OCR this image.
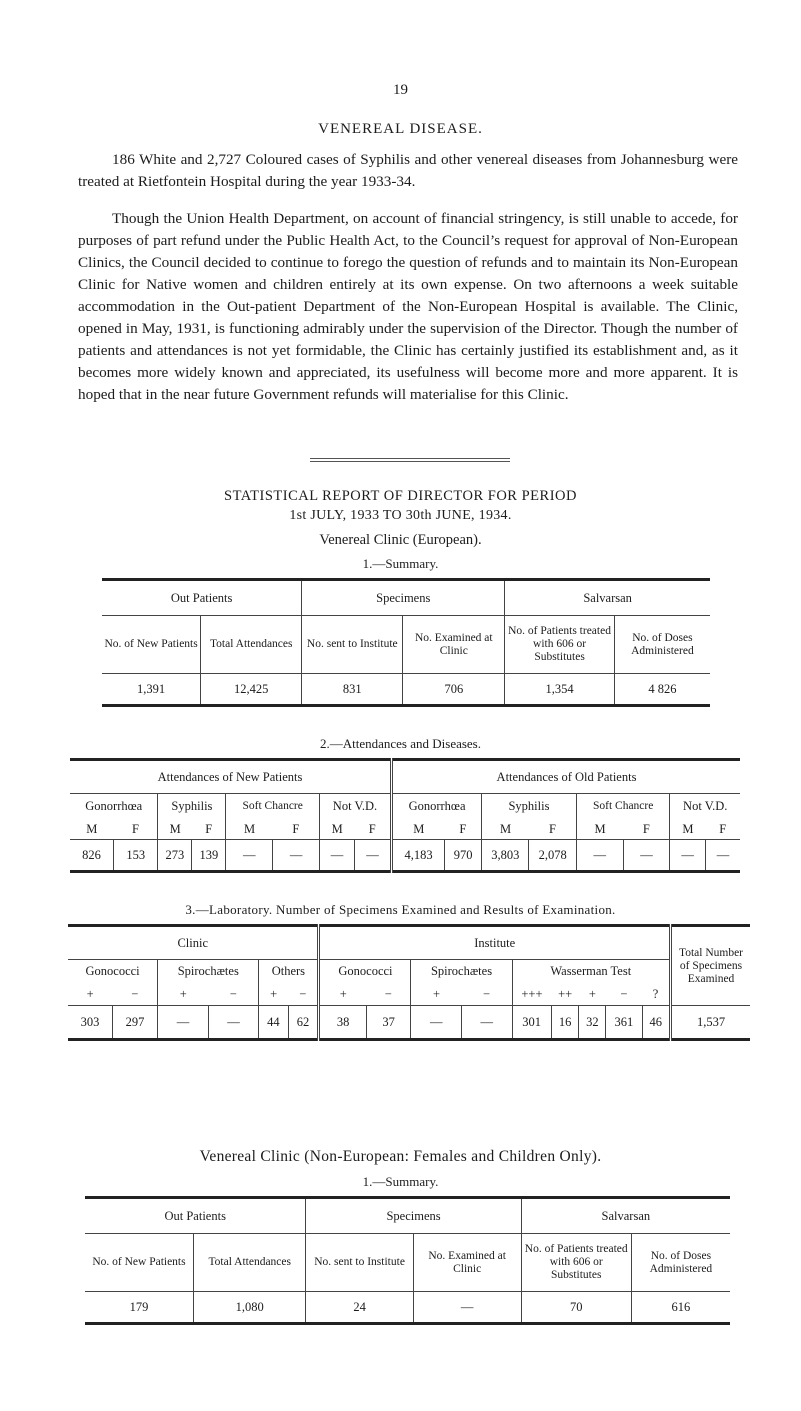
19
VENEREAL DISEASE.

186 White and 2,727 Coloured cases of Syphilis and other venereal diseases from Johannesburg were treated at Rietfontein Hospital during the year 1933-34.

Though the Union Health Department, on account of financial stringency, is still unable to accede, for purposes of part refund under the Public Health Act, to the Council’s request for approval of Non-European Clinics, the Council decided to continue to forego the question of refunds and to maintain its Non-European Clinic for Native women and children entirely at its own expense. On two afternoons a week suitable accommodation in the Out-patient Department of the Non-European Hospital is available. The Clinic, opened in May, 1931, is functioning admirably under the supervision of the Director. Though the number of patients and attendances is not yet formidable, the Clinic has certainly justified its establishment and, as it becomes more widely known and appreciated, its usefulness will become more and more apparent. It is hoped that in the near future Government refunds will materialise for this Clinic.

STATISTICAL REPORT OF DIRECTOR FOR PERIOD
1st JULY, 1933 TO 30th JUNE, 1934.
Venereal Clinic (European).
1.—Summary.
Out Patients		Specimens		Salvarsan	
No. of New Patients	Total Attendances	No. sent to Institute	No. Examined at Clinic	No. of Patients treated with 606 or Substitutes	No. of Doses Administered
1,391	12,425	831	706	1,354	4 826
2.—Attendances and Diseases.
Attendances of New Patients								Attendances of Old Patients							
Gonorrhœa		Syphilis		Soft Chancre		Not V.D.		Gonorrhœa		Syphilis		Soft Chancre		Not V.D.	
M	F	M	F	M	F	M	F	M	F	M	F	M	F	M	F
826	153	273	139	—	—	—	—	4,183	970	3,803	2,078	—	—	—	—
3.—Laboratory. Number of Specimens Examined and Results of Examination.
Clinic						Institute									Total Number of Specimens Examined
Gonococci		Spirochætes		Others		Gonococci		Spirochætes		Wasserman Test					
+	−	+	−	+	−	+	−	+	−	+++	++	+	−	?	
303	297	—	—	44	62	38	37	—	—	301	16	32	361	46	1,537
Venereal Clinic (Non-European: Females and Children Only).
1.—Summary.
Out Patients		Specimens		Salvarsan	
No. of New Patients	Total Attendances	No. sent to Institute	No. Examined at Clinic	No. of Patients treated with 606 or Substitutes	No. of Doses Administered
179	1,080	24	—	70	616
